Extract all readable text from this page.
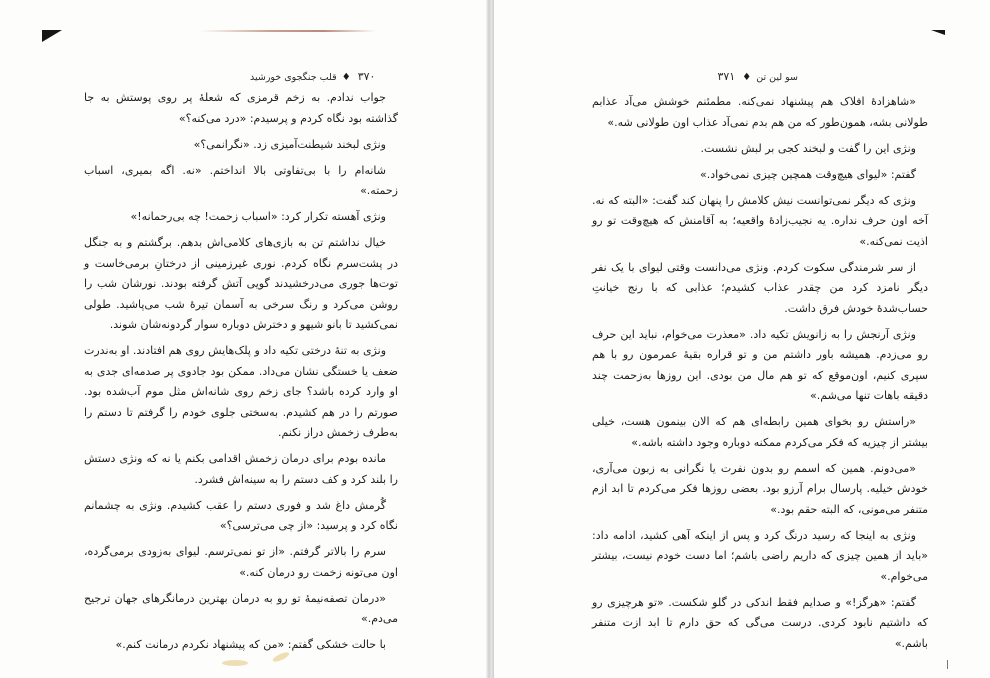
۳۷۰ ♦ قلب جنگجوی خورشید

جواب ندادم. به زخم قرمزی که شعلهٔ پر روی پوستش به جا گذاشته بود نگاه کردم و پرسیدم: «درد می‌کنه؟»

ونژی لبخند شیطنت‌آمیزی زد. «نگرانمی؟»

شانه‌ام را با بی‌تفاوتی بالا انداختم. «نه. اگه بمیری، اسباب زحمته.»

ونژی آهسته تکرار کرد: «اسباب زحمت! چه بی‌رحمانه!»

خیال نداشتم تن به بازی‌های کلامی‌اش بدهم. برگشتم و به جنگل در پشت‌سرم نگاه کردم. نوری غیرزمینی از درختانِ برمی‌خاست و توت‌ها جوری می‌درخشیدند گویی آتش گرفته بودند. نورشان شب را روشن می‌کرد و رنگ سرخی به آسمان تیرهٔ شب می‌پاشید. طولی نمی‌کشید تا بانو شیهو و دخترش دوباره سوار گردونه‌شان شوند.

ونژی به تنهٔ درختی تکیه داد و پلک‌هایش روی هم افتادند. او به‌ندرت ضعف یا خستگی نشان می‌داد. ممکن بود جادوی پر صدمه‌ای جدی به او وارد کرده باشد؟ جای زخم روی شانه‌اش مثل موم آب‌شده بود. صورتم را در هم کشیدم. به‌سختی جلوی خودم را گرفتم تا دستم را به‌طرف زخمش دراز نکنم.

مانده بودم برای درمان زخمش اقدامی بکنم یا نه که ونژی دستش را بلند کرد و کف دستم را به سینه‌اش فشرد.

گُرمش داغ شد و فوری دستم را عقب کشیدم. ونژی به چشمانم نگاه کرد و پرسید: «از چی می‌ترسی؟»

سرم را بالاتر گرفتم. «از تو نمی‌ترسم. لیوای به‌زودی برمی‌گرده، اون می‌تونه زخمت رو درمان کنه.»

«درمان تصفه‌نیمهٔ تو رو به درمان بهترین درمانگرهای جهان ترجیح می‌دم.»

با حالت خشکی گفتم: «من که پیشنهاد نکردم درمانت کنم.»

سو لین تن ♦ ۳۷۱

«شاهزادهٔ افلاک هم پیشنهاد نمی‌کنه. مطمئنم خوشش می‌آد عذابم طولانی بشه، همون‌طور که من هم بدم نمی‌آد عذاب اون طولانی شه.»

ونژی این را گفت و لبخند کجی بر لبش نشست.

گفتم: «لیوای هیچ‌وقت همچین چیزی نمی‌خواد.»

ونژی که دیگر نمی‌توانست نیش کلامش را پنهان کند گفت: «البته که نه. آخه اون حرف نداره. یه نجیب‌زادهٔ واقعیه؛ به آقامنش که هیچ‌وقت تو رو اذیت نمی‌کنه.»

از سر شرمندگی سکوت کردم. ونژی می‌دانست وقتی لیوای با یک نفر دیگر نامزد کرد من چقدر عذاب کشیدم؛ عذابی که با رنج خیانتِ حساب‌شدهٔ خودش فرق داشت.

ونژی آرنجش را به زانویش تکیه داد. «معذرت می‌خوام، نباید این حرف رو می‌زدم. همیشه باور داشتم من و تو قراره بقیهٔ عمرمون رو با هم سپری کنیم، اون‌موقع که تو هم مال من بودی. این روزها به‌زحمت چند دقیقه باهات تنها می‌شم.»

«راستش رو بخوای همین رابطه‌ای هم که الان بینمون هست، خیلی بیشتر از چیزیه که فکر می‌کردم ممکنه دوباره وجود داشته باشه.»

«می‌دونم. همین که اسمم رو بدون نفرت یا نگرانی به زبون می‌آری، خودش خیلیه. پارسال برام آرزو بود. بعضی روزها فکر می‌کردم تا ابد ازم متنفر می‌مونی، که البته حقم بود.»

ونژی به اینجا که رسید درنگ کرد و پس از اینکه آهی کشید، ادامه داد: «باید از همین چیزی که داریم راضی باشم؛ اما دست خودم نیست، بیشتر می‌خوام.»

گفتم: «هرگز!» و صدایم فقط اندکی در گلو شکست. «تو هرچیزی رو که داشتیم نابود کردی. درست می‌گی که حق دارم تا ابد ازت متنفر باشم.»
